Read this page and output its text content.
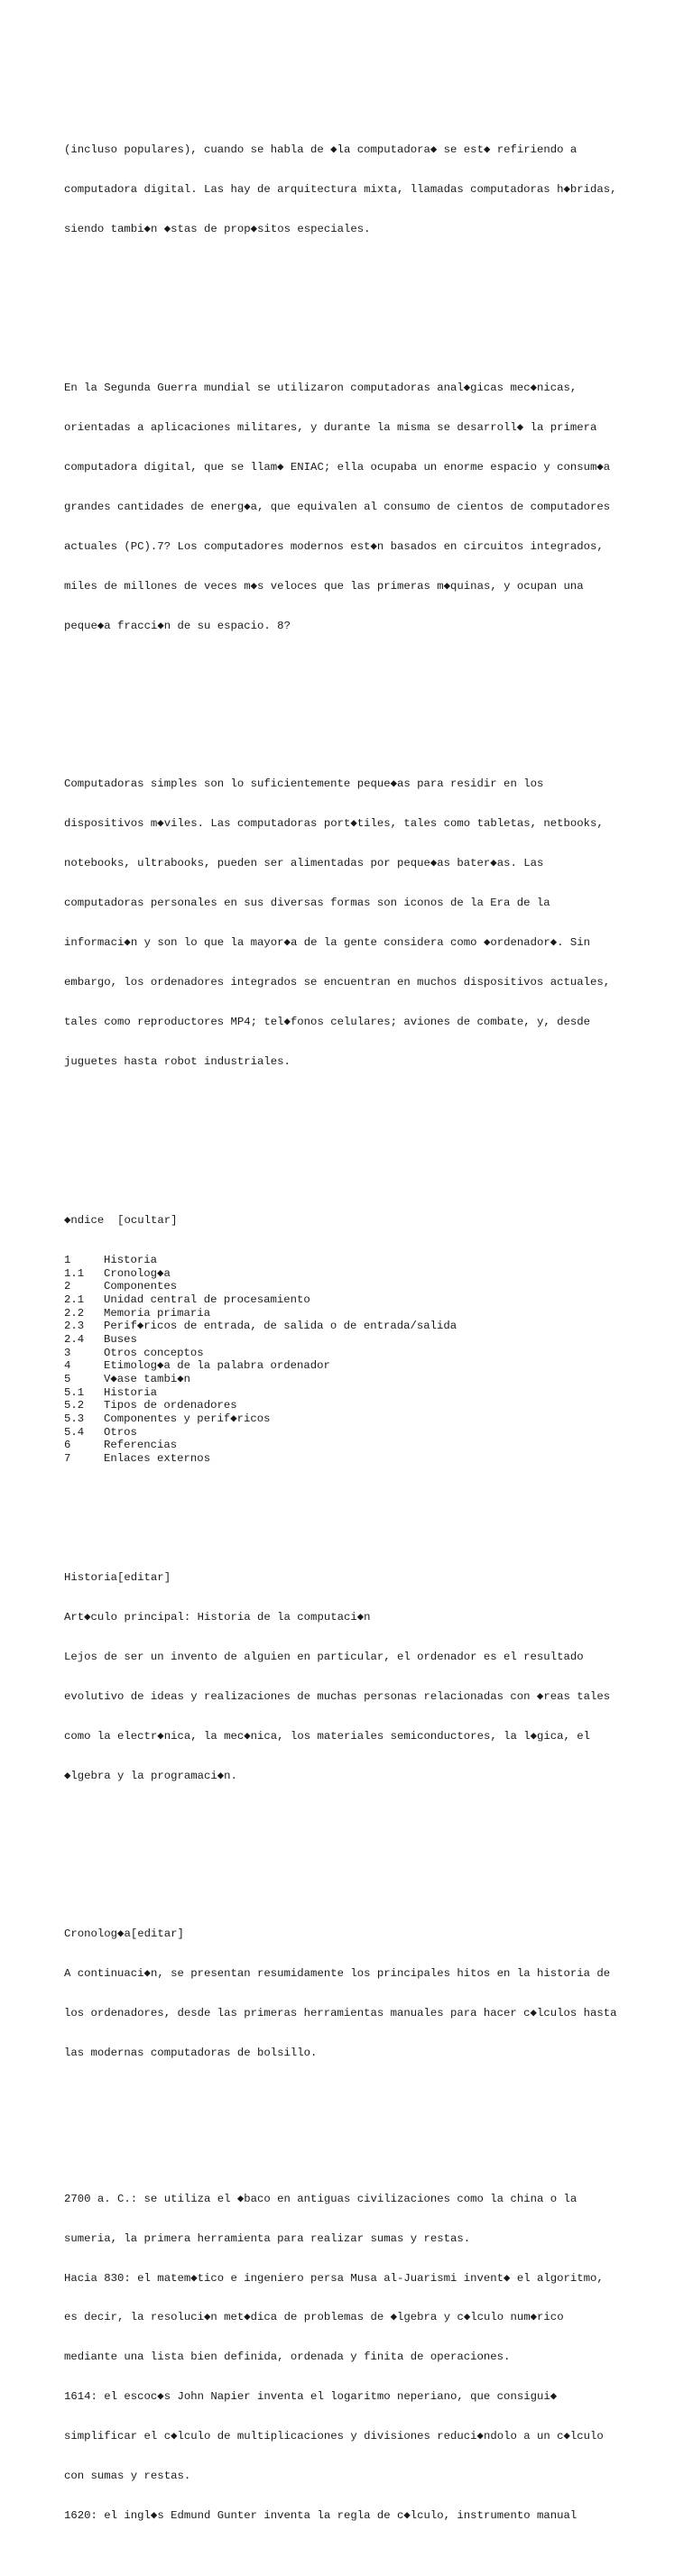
(incluso populares), cuando se habla de ◆la computadora◆ se est◆ refiriendo a

computadora digital. Las hay de arquitectura mixta, llamadas computadoras h◆bridas,

siendo tambi◆n ◆stas de prop◆sitos especiales.

En la Segunda Guerra mundial se utilizaron computadoras anal◆gicas mec◆nicas,

orientadas a aplicaciones militares, y durante la misma se desarroll◆ la primera

computadora digital, que se llam◆ ENIAC; ella ocupaba un enorme espacio y consum◆a

grandes cantidades de energ◆a, que equivalen al consumo de cientos de computadores

actuales (PC).7? Los computadores modernos est◆n basados en circuitos integrados,

miles de millones de veces m◆s veloces que las primeras m◆quinas, y ocupan una

peque◆a fracci◆n de su espacio. 8?

Computadoras simples son lo suficientemente peque◆as para residir en los

dispositivos m◆viles. Las computadoras port◆tiles, tales como tabletas, netbooks,

notebooks, ultrabooks, pueden ser alimentadas por peque◆as bater◆as. Las

computadoras personales en sus diversas formas son iconos de la Era de la

informaci◆n y son lo que la mayor◆a de la gente considera como ◆ordenador◆. Sin

embargo, los ordenadores integrados se encuentran en muchos dispositivos actuales,

tales como reproductores MP4; tel◆fonos celulares; aviones de combate, y, desde

juguetes hasta robot industriales.

◆ndice  [ocultar]

1	Historia
1.1	Cronolog◆a
2	Componentes
2.1	Unidad central de procesamiento
2.2	Memoria primaria
2.3	Perif◆ricos de entrada, de salida o de entrada/salida
2.4	Buses
3	Otros conceptos
4	Etimolog◆a de la palabra ordenador
5	V◆ase tambi◆n
5.1	Historia
5.2	Tipos de ordenadores
5.3	Componentes y perif◆ricos
5.4	Otros
6	Referencias
7	Enlaces externos

Historia[editar]

Art◆culo principal: Historia de la computaci◆n

Lejos de ser un invento de alguien en particular, el ordenador es el resultado

evolutivo de ideas y realizaciones de muchas personas relacionadas con ◆reas tales

como la electr◆nica, la mec◆nica, los materiales semiconductores, la l◆gica, el

◆lgebra y la programaci◆n.

Cronolog◆a[editar]

A continuaci◆n, se presentan resumidamente los principales hitos en la historia de

los ordenadores, desde las primeras herramientas manuales para hacer c◆lculos hasta

las modernas computadoras de bolsillo.

2700 a. C.: se utiliza el ◆baco en antiguas civilizaciones como la china o la

sumeria, la primera herramienta para realizar sumas y restas.

Hacia 830: el matem◆tico e ingeniero persa Musa al-Juarismi invent◆ el algoritmo,

es decir, la resoluci◆n met◆dica de problemas de ◆lgebra y c◆lculo num◆rico

mediante una lista bien definida, ordenada y finita de operaciones.

1614: el escoc◆s John Napier inventa el logaritmo neperiano, que consigui◆

simplificar el c◆lculo de multiplicaciones y divisiones reduci◆ndolo a un c◆lculo

con sumas y restas.

1620: el ingl◆s Edmund Gunter inventa la regla de c◆lculo, instrumento manual
